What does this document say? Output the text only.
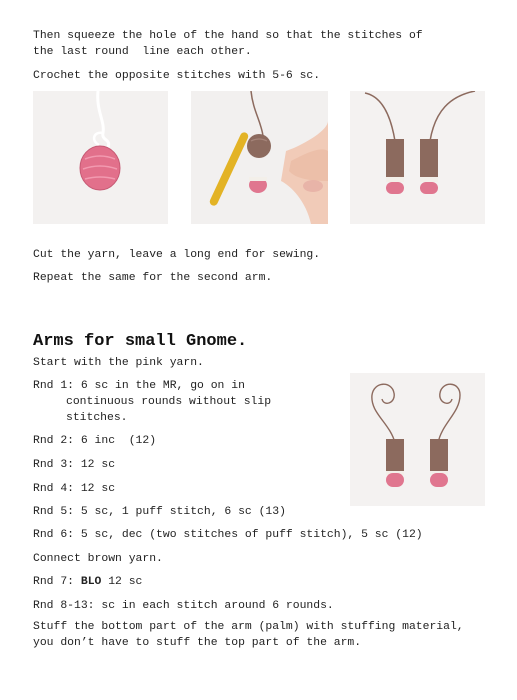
Then squeeze the hole of the hand so that the stitches of

the last round  line each other.

Crochet the opposite stitches with 5-6 sc.

Cut the yarn, leave a long end for sewing.

Repeat the same for the second arm.

Arms for small Gnome.

Start with the pink yarn.

Rnd 1: 6 sc in the MR, go on in

continuous rounds without slip

stitches.

Rnd 2: 6 inc  (12)

Rnd 3: 12 sc

Rnd 4: 12 sc

Rnd 5: 5 sc, 1 puff stitch, 6 sc (13)

Rnd 6: 5 sc, dec (two stitches of puff stitch), 5 sc (12)

Connect brown yarn.

Rnd 7: BLO 12 sc

Rnd 8-13: sc in each stitch around 6 rounds.

Stuff the bottom part of the arm (palm) with stuffing material,

you don’t have to stuff the top part of the arm.
